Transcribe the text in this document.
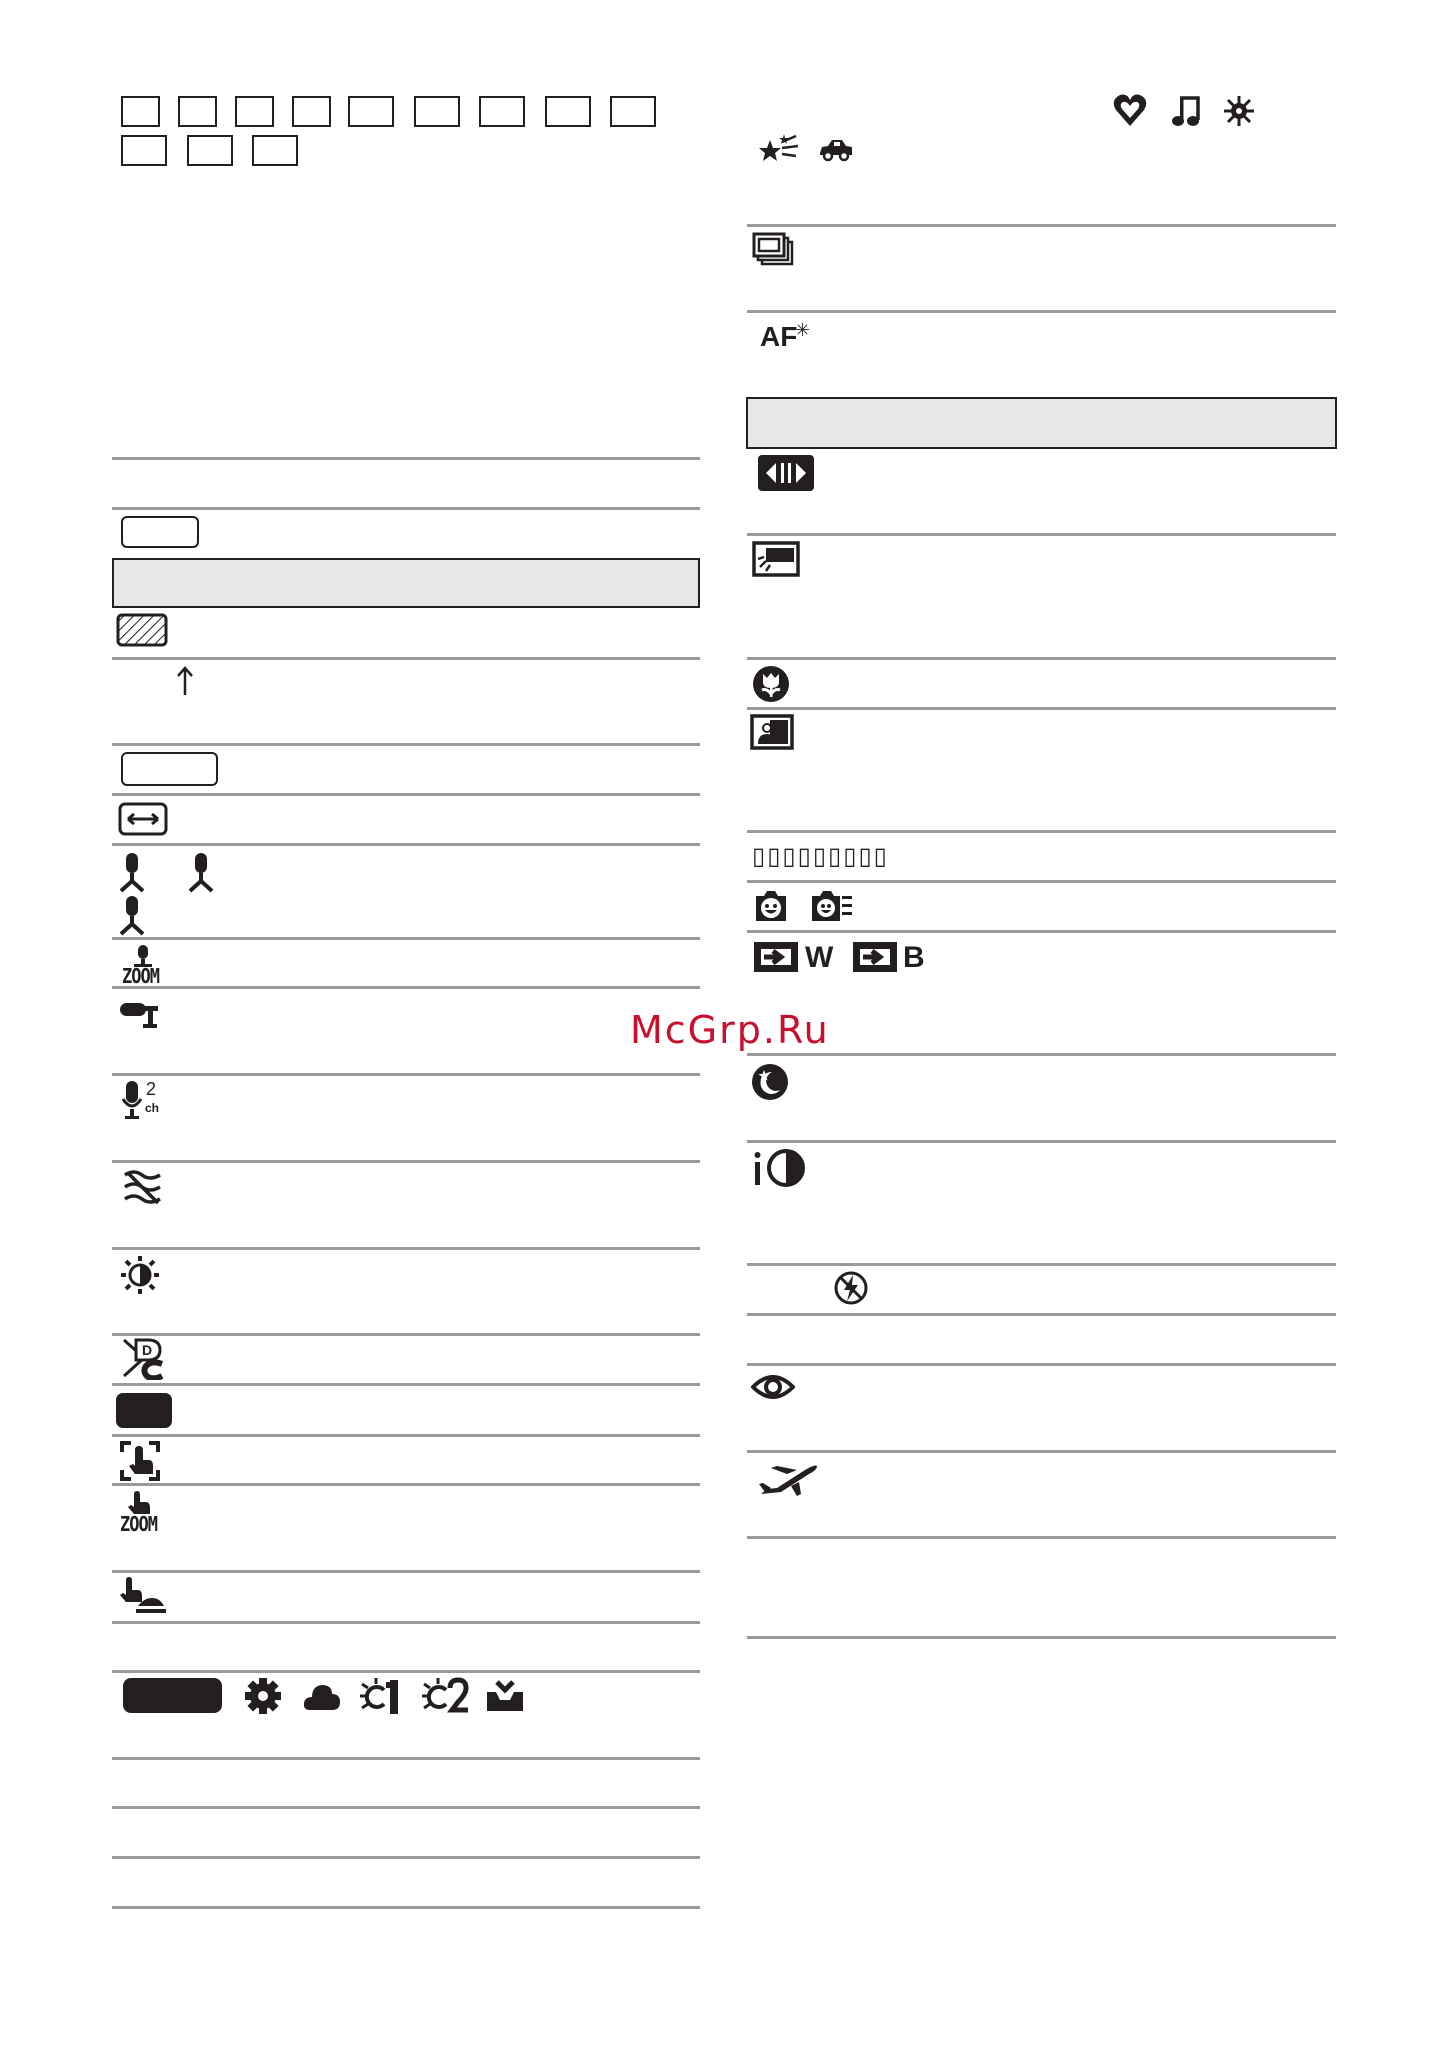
ZOOM
2
ch
D
ZOOM
AF
✳
▯▯▯▯▯▯▯▯▯
W B
McGrp.Ru
